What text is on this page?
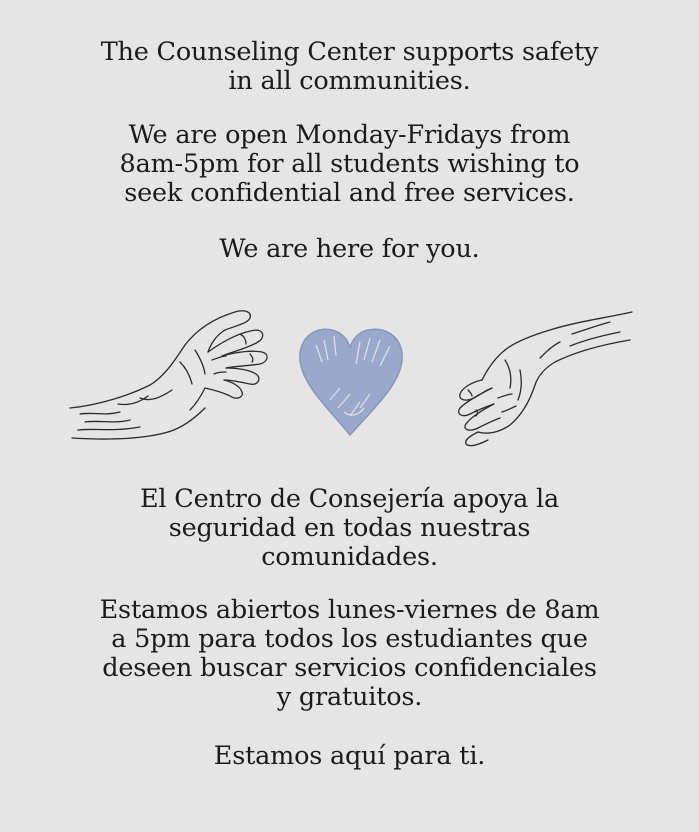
The Counseling Center supports safety
in all communities.
We are open Monday-Fridays from
8am-5pm for all students wishing to
seek confidential and free services.
We are here for you.
El Centro de Consejería apoya la
seguridad en todas nuestras
comunidades.
Estamos abiertos lunes-viernes de 8am
a 5pm para todos los estudiantes que
deseen buscar servicios confidenciales
y gratuitos.
Estamos aquí para ti.
